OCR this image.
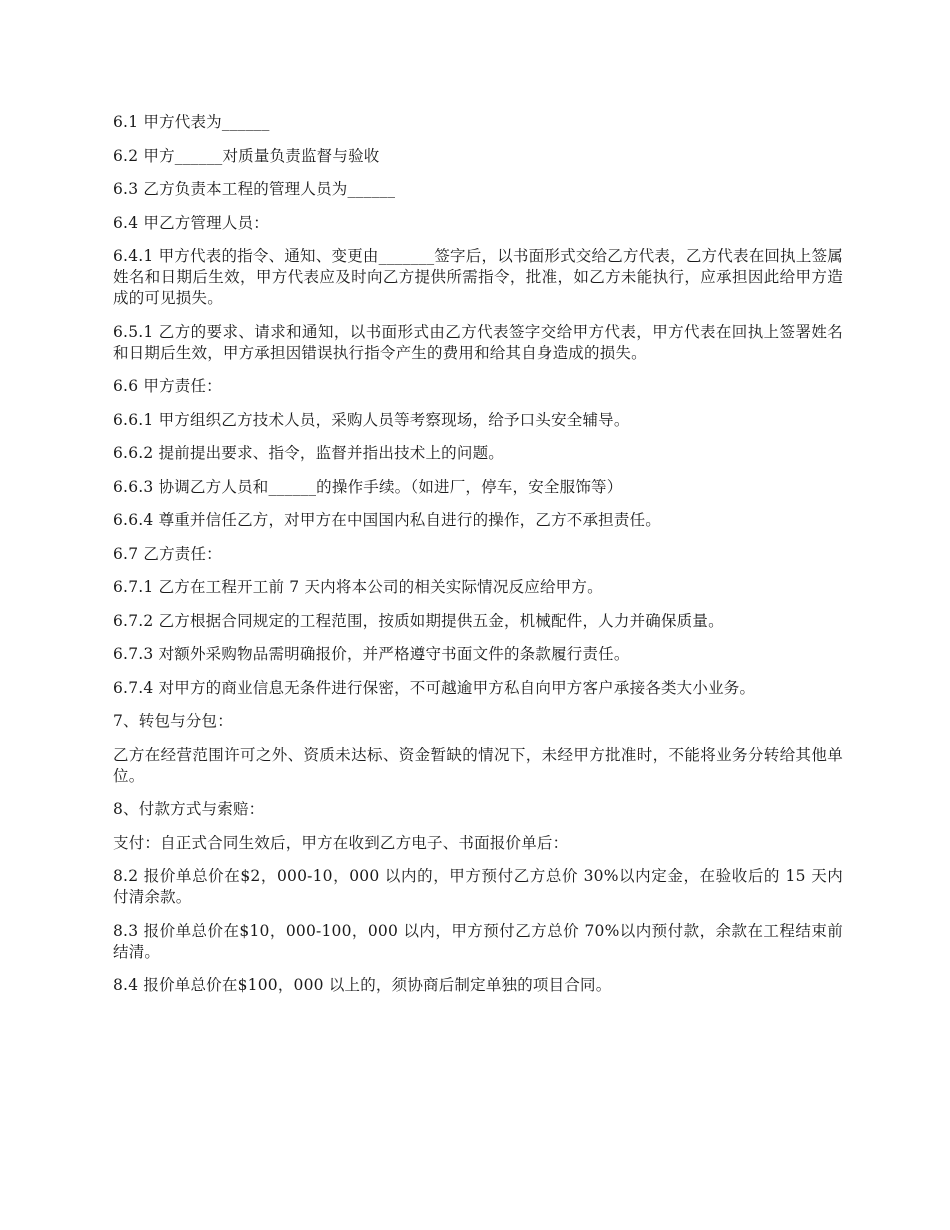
6.1 甲方代表为______

6.2 甲方______对质量负责监督与验收

6.3 乙方负责本工程的管理人员为______

6.4 甲乙方管理人员：

6.4.1 甲方代表的指令、通知、变更由_______签字后，以书面形式交给乙方代表，乙方代表在回执上签属姓名和日期后生效，甲方代表应及时向乙方提供所需指令，批准，如乙方未能执行，应承担因此给甲方造成的可见损失。

6.5.1 乙方的要求、请求和通知，以书面形式由乙方代表签字交给甲方代表，甲方代表在回执上签署姓名和日期后生效，甲方承担因错误执行指令产生的费用和给其自身造成的损失。

6.6 甲方责任：

6.6.1 甲方组织乙方技术人员，采购人员等考察现场，给予口头安全辅导。

6.6.2 提前提出要求、指令，监督并指出技术上的问题。

6.6.3 协调乙方人员和______的操作手续。（如进厂，停车，安全服饰等）

6.6.4 尊重并信任乙方，对甲方在中国国内私自进行的操作，乙方不承担责任。

6.7 乙方责任：

6.7.1 乙方在工程开工前 7 天内将本公司的相关实际情况反应给甲方。

6.7.2 乙方根据合同规定的工程范围，按质如期提供五金，机械配件，人力并确保质量。

6.7.3 对额外采购物品需明确报价，并严格遵守书面文件的条款履行责任。

6.7.4 对甲方的商业信息无条件进行保密，不可越逾甲方私自向甲方客户承接各类大小业务。

7、转包与分包：

乙方在经营范围许可之外、资质未达标、资金暂缺的情况下，未经甲方批准时，不能将业务分转给其他单位。

8、付款方式与索赔：

支付：自正式合同生效后，甲方在收到乙方电子、书面报价单后：

8.2 报价单总价在$2，000-10，000 以内的，甲方预付乙方总价 30%以内定金，在验收后的 15 天内付清余款。

8.3 报价单总价在$10，000-100，000 以内，甲方预付乙方总价 70%以内预付款，余款在工程结束前结清。

8.4 报价单总价在$100，000 以上的，须协商后制定单独的项目合同。
